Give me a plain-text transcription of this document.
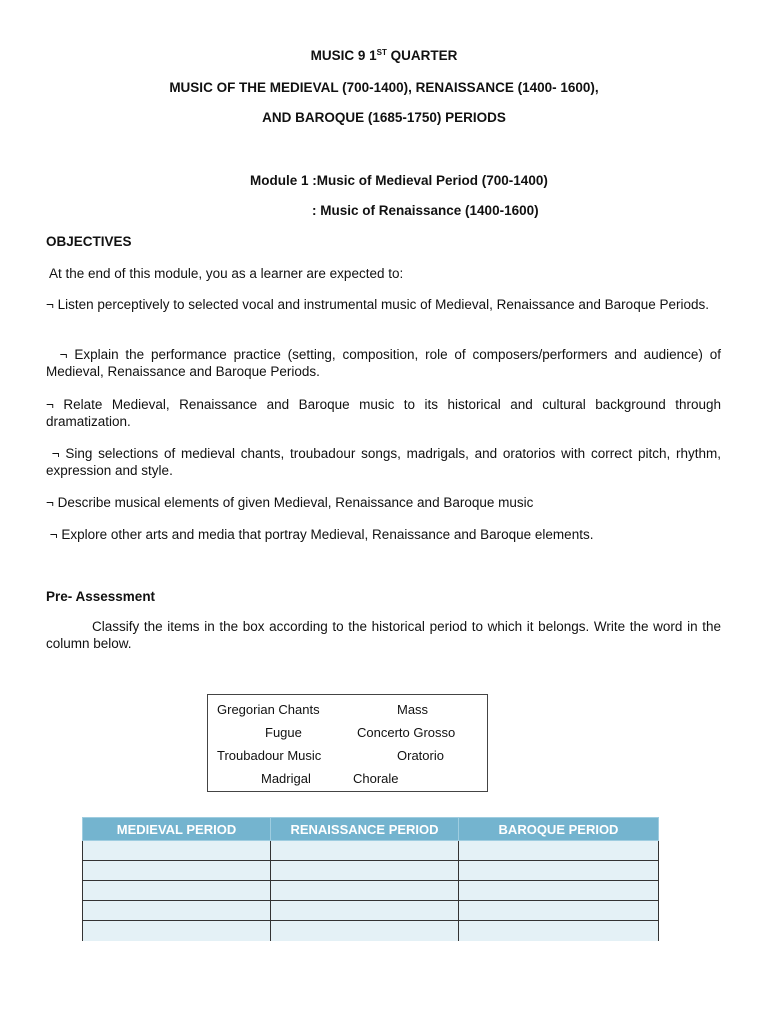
MUSIC 9 1ST QUARTER
MUSIC OF THE MEDIEVAL (700-1400), RENAISSANCE (1400- 1600),
AND BAROQUE (1685-1750) PERIODS
Module 1 :Music of Medieval Period (700-1400)
: Music of Renaissance (1400-1600)
OBJECTIVES
At the end of this module, you as a learner are expected to:
¬ Listen perceptively to selected vocal and instrumental music of Medieval, Renaissance and Baroque Periods.
¬ Explain the performance practice (setting, composition, role of composers/performers and audience) of Medieval, Renaissance and Baroque Periods.
¬ Relate Medieval, Renaissance and Baroque music to its historical and cultural background through dramatization.
¬ Sing selections of medieval chants, troubadour songs, madrigals, and oratorios with correct pitch, rhythm, expression and style.
¬ Describe musical elements of given Medieval, Renaissance and Baroque music
¬ Explore other arts and media that portray Medieval, Renaissance and Baroque elements.
Pre- Assessment
Classify the items in the box according to the historical period to which it belongs. Write the word in the column below.
Gregorian Chants	Mass
Fugue	Concerto Grosso
Troubadour Music	Oratorio
Madrigal	Chorale
MEDIEVAL PERIOD	RENAISSANCE PERIOD	BAROQUE PERIOD
